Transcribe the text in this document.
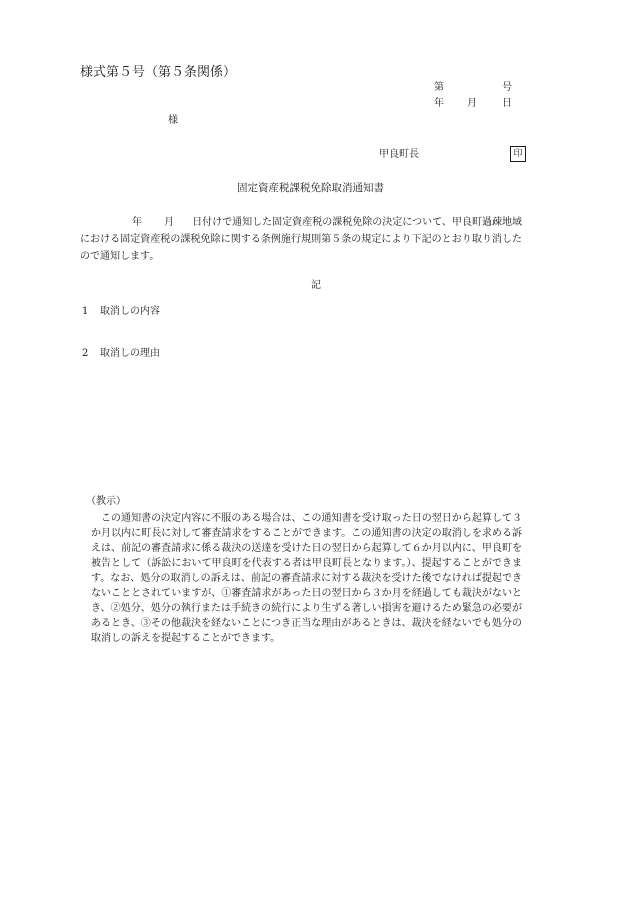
様式第５号（第５条関係）
第	号
年 月	日
様
甲良町長	印
固定資産税課税免除取消通知書
年 月 日付けで通知した固定資産税の課税免除の決定について、甲良町過疎地域における固定資産税の課税免除に関する条例施行規則第５条の規定により下記のとおり取り消したので通知します。
記
1 取消しの内容
2 取消しの理由
（教示）
この通知書の決定内容に不服のある場合は、この通知書を受け取った日の翌日から起算して３か月以内に町長に対して審査請求をすることができます。この通知書の決定の取消しを求める訴えは、前記の審査請求に係る裁決の送達を受けた日の翌日から起算して６か月以内に、甲良町を被告として（訴訟において甲良町を代表する者は甲良町長となります。）、提起することができます。なお、処分の取消しの訴えは、前記の審査請求に対する裁決を受けた後でなければ提起できないこととされていますが、①審査請求があった日の翌日から３か月を経過しても裁決がないとき、②処分、処分の執行または手続きの続行により生ずる著しい損害を避けるため緊急の必要があるとき、③その他裁決を経ないことにつき正当な理由があるときは、裁決を経ないでも処分の取消しの訴えを提起することができます。
